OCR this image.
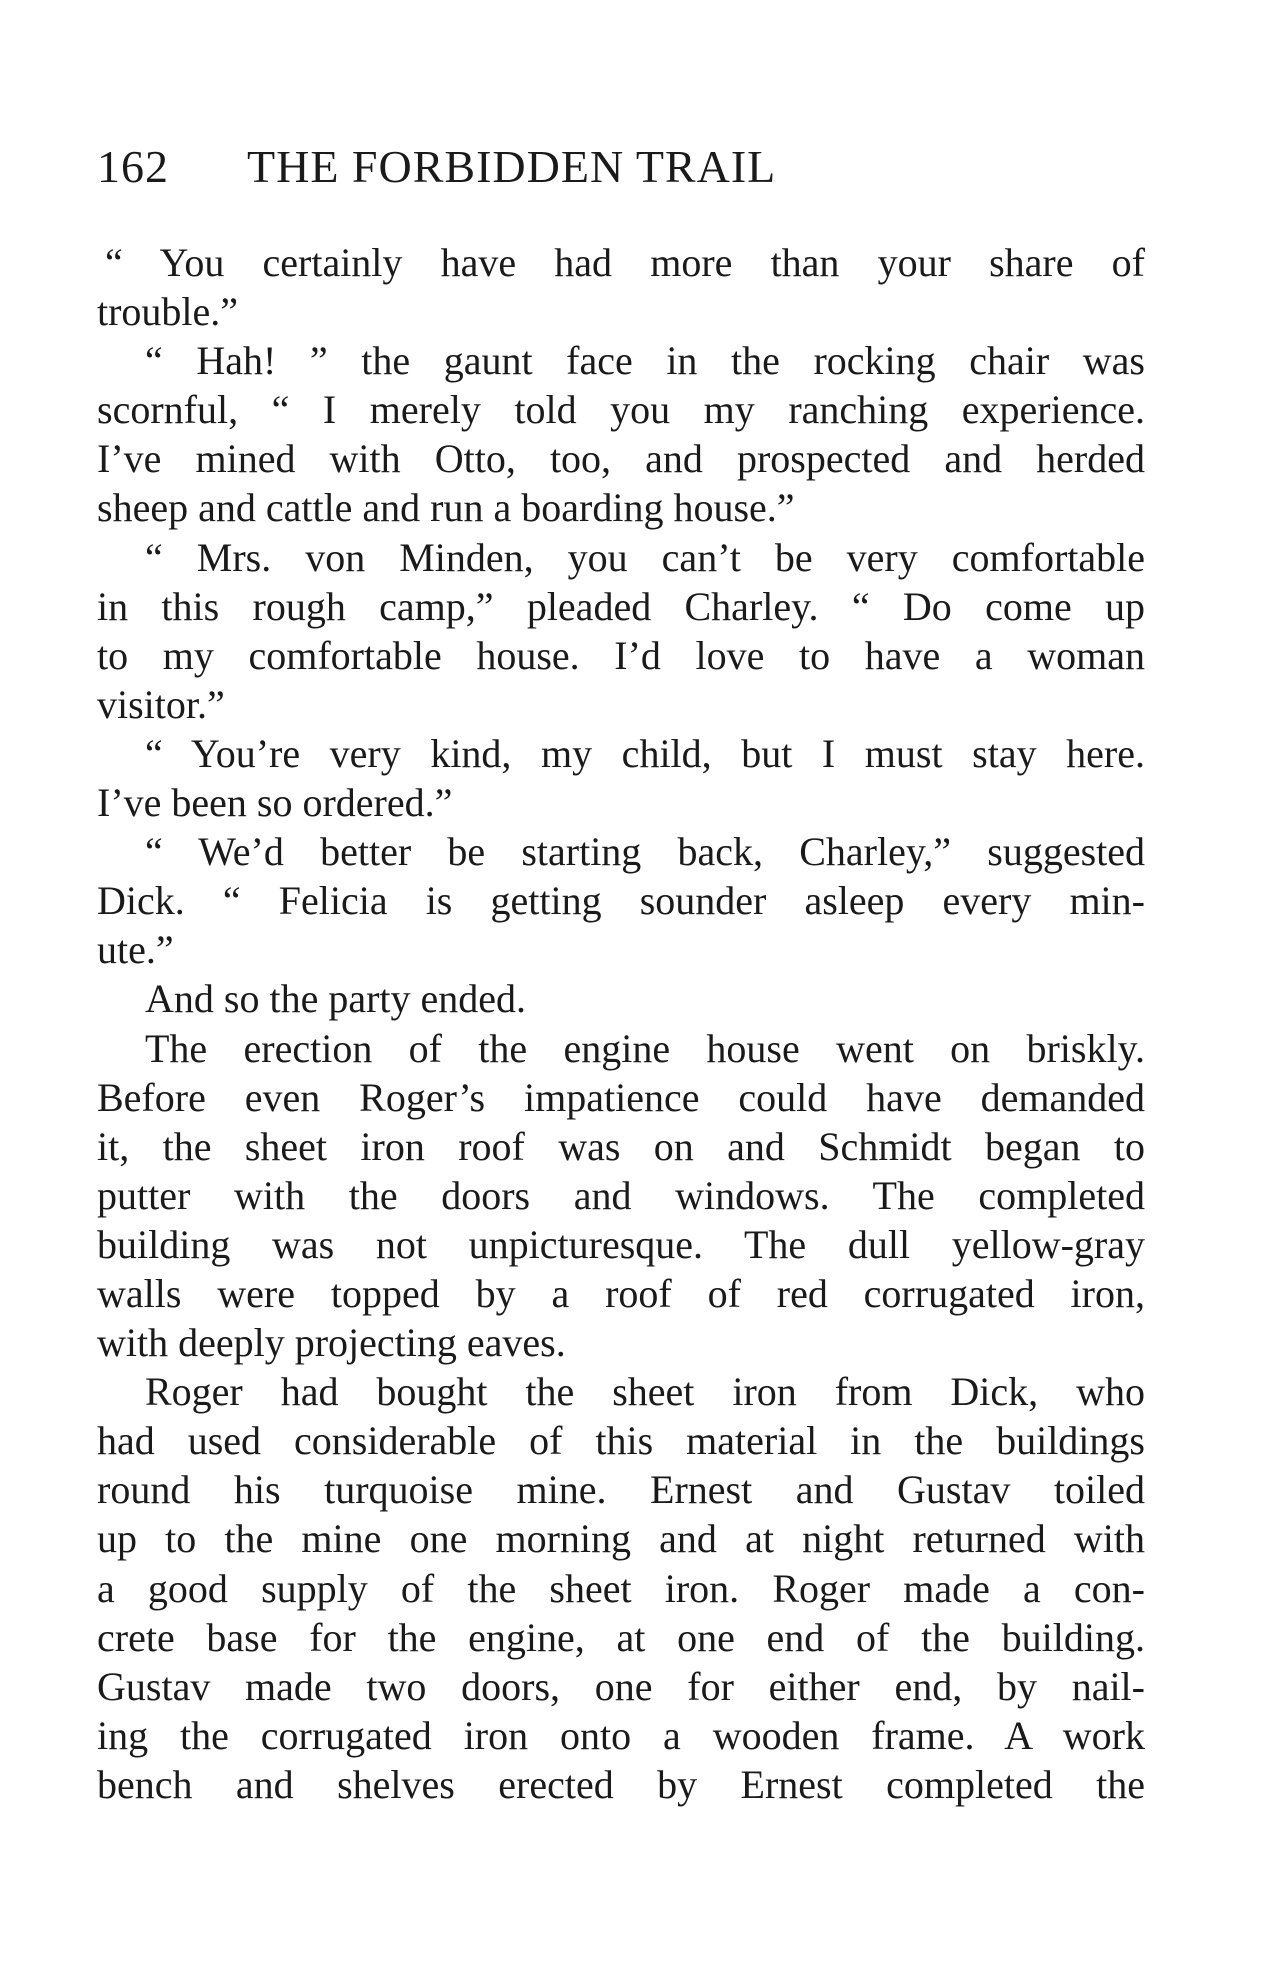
162 THE FORBIDDEN TRAIL
“ You certainly have had more than your share of
trouble.”
“ Hah! ” the gaunt face in the rocking chair was
scornful, “ I merely told you my ranching experience.
I’ve mined with Otto, too, and prospected and herded
sheep and cattle and run a boarding house.”
“ Mrs. von Minden, you can’t be very comfortable
in this rough camp,” pleaded Charley. “ Do come up
to my comfortable house. I’d love to have a woman
visitor.”
“ You’re very kind, my child, but I must stay here.
I’ve been so ordered.”
“ We’d better be starting back, Charley,” suggested
Dick. “ Felicia is getting sounder asleep every min-
ute.”
And so the party ended.
The erection of the engine house went on briskly.
Before even Roger’s impatience could have demanded
it, the sheet iron roof was on and Schmidt began to
putter with the doors and windows. The completed
building was not unpicturesque. The dull yellow-gray
walls were topped by a roof of red corrugated iron,
with deeply projecting eaves.
Roger had bought the sheet iron from Dick, who
had used considerable of this material in the buildings
round his turquoise mine. Ernest and Gustav toiled
up to the mine one morning and at night returned with
a good supply of the sheet iron. Roger made a con-
crete base for the engine, at one end of the building.
Gustav made two doors, one for either end, by nail-
ing the corrugated iron onto a wooden frame. A work
bench and shelves erected by Ernest completed the
